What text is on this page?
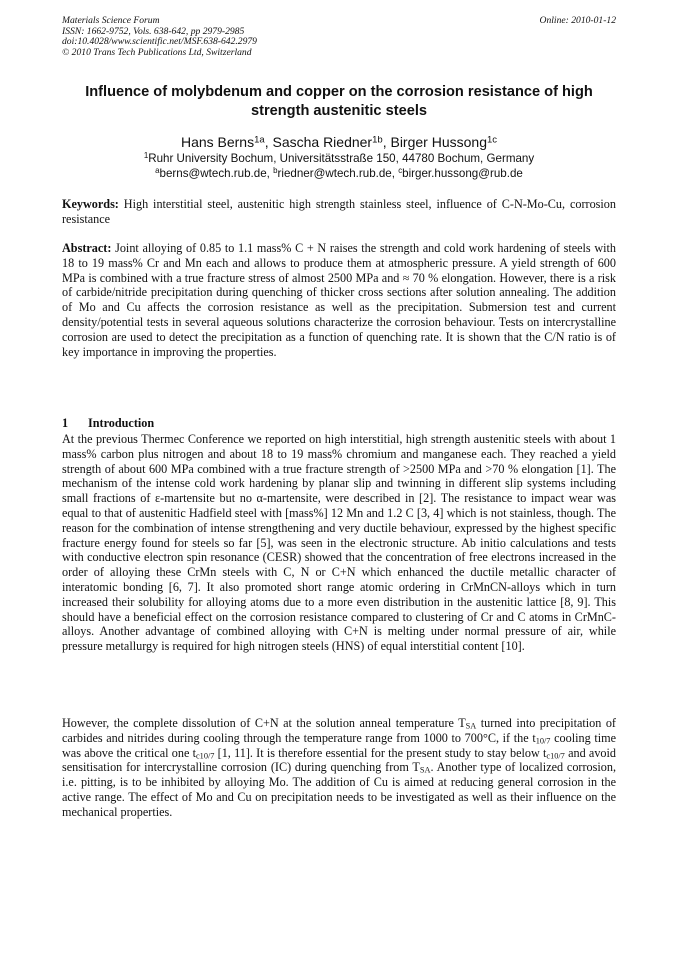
Materials Science Forum
ISSN: 1662-9752, Vols. 638-642, pp 2979-2985
doi:10.4028/www.scientific.net/MSF.638-642.2979
© 2010 Trans Tech Publications Ltd, Switzerland
Online: 2010-01-12
Influence of molybdenum and copper on the corrosion resistance of high strength austenitic steels
Hans Berns$^{1a}$, Sascha Riedner$^{1b}$, Birger Hussong$^{1c}$
$^1$Ruhr University Bochum, Universitätsstraße 150, 44780 Bochum, Germany
$^a$berns@wtech.rub.de, $^b$riedner@wtech.rub.de, $^c$birger.hussong@rub.de

Keywords: High interstitial steel, austenitic high strength stainless steel, influence of C-N-Mo-Cu, corrosion resistance

Abstract: Joint alloying of 0.85 to 1.1 mass% C + N raises the strength and cold work hardening of steels with 18 to 19 mass% Cr and Mn each and allows to produce them at atmospheric pressure. A yield strength of 600 MPa is combined with a true fracture stress of almost 2500 MPa and ≈ 70 % elongation. However, there is a risk of carbide/nitride precipitation during quenching of thicker cross sections after solution annealing. The addition of Mo and Cu affects the corrosion resistance as well as the precipitation. Submersion test and current density/potential tests in several aqueous solutions characterize the corrosion behaviour. Tests on intercrystalline corrosion are used to detect the precipitation as a function of quenching rate. It is shown that the C/N ratio is of key importance in improving the properties.

1 Introduction

At the previous Thermec Conference we reported on high interstitial, high strength austenitic steels with about 1 mass% carbon plus nitrogen and about 18 to 19 mass% chromium and manganese each. They reached a yield strength of about 600 MPa combined with a true fracture strength of >2500 MPa and >70 % elongation [1]. The mechanism of the intense cold work hardening by planar slip and twinning in different slip systems including small fractions of ε-martensite but no α-martensite, were described in [2]. The resistance to impact wear was equal to that of austenitic Hadfield steel with [mass%] 12 Mn and 1.2 C [3, 4] which is not stainless, though. The reason for the combination of intense strengthening and very ductile behaviour, expressed by the highest specific fracture energy found for steels so far [5], was seen in the electronic structure. Ab initio calculations and tests with conductive electron spin resonance (CESR) showed that the concentration of free electrons increased in the order of alloying these CrMn steels with C, N or C+N which enhanced the ductile metallic character of interatomic bonding [6, 7]. It also promoted short range atomic ordering in CrMnCN-alloys which in turn increased their solubility for alloying atoms due to a more even distribution in the austenitic lattice [8, 9]. This should have a beneficial effect on the corrosion resistance compared to clustering of Cr and C atoms in CrMnC-alloys. Another advantage of combined alloying with C+N is melting under normal pressure of air, while pressure metallurgy is required for high nitrogen steels (HNS) of equal interstitial content [10].

However, the complete dissolution of C+N at the solution anneal temperature $T_{SA}$ turned into precipitation of carbides and nitrides during cooling through the temperature range from 1000 to 700°C, if the $t_{10/7}$ cooling time was above the critical one $t_{c10/7}$ [1, 11]. It is therefore essential for the present study to stay below $t_{c10/7}$ and avoid sensitisation for intercrystalline corrosion (IC) during quenching from $T_{SA}$. Another type of localized corrosion, i.e. pitting, is to be inhibited by alloying Mo. The addition of Cu is aimed at reducing general corrosion in the active range. The effect of Mo and Cu on precipitation needs to be investigated as well as their influence on the mechanical properties.
